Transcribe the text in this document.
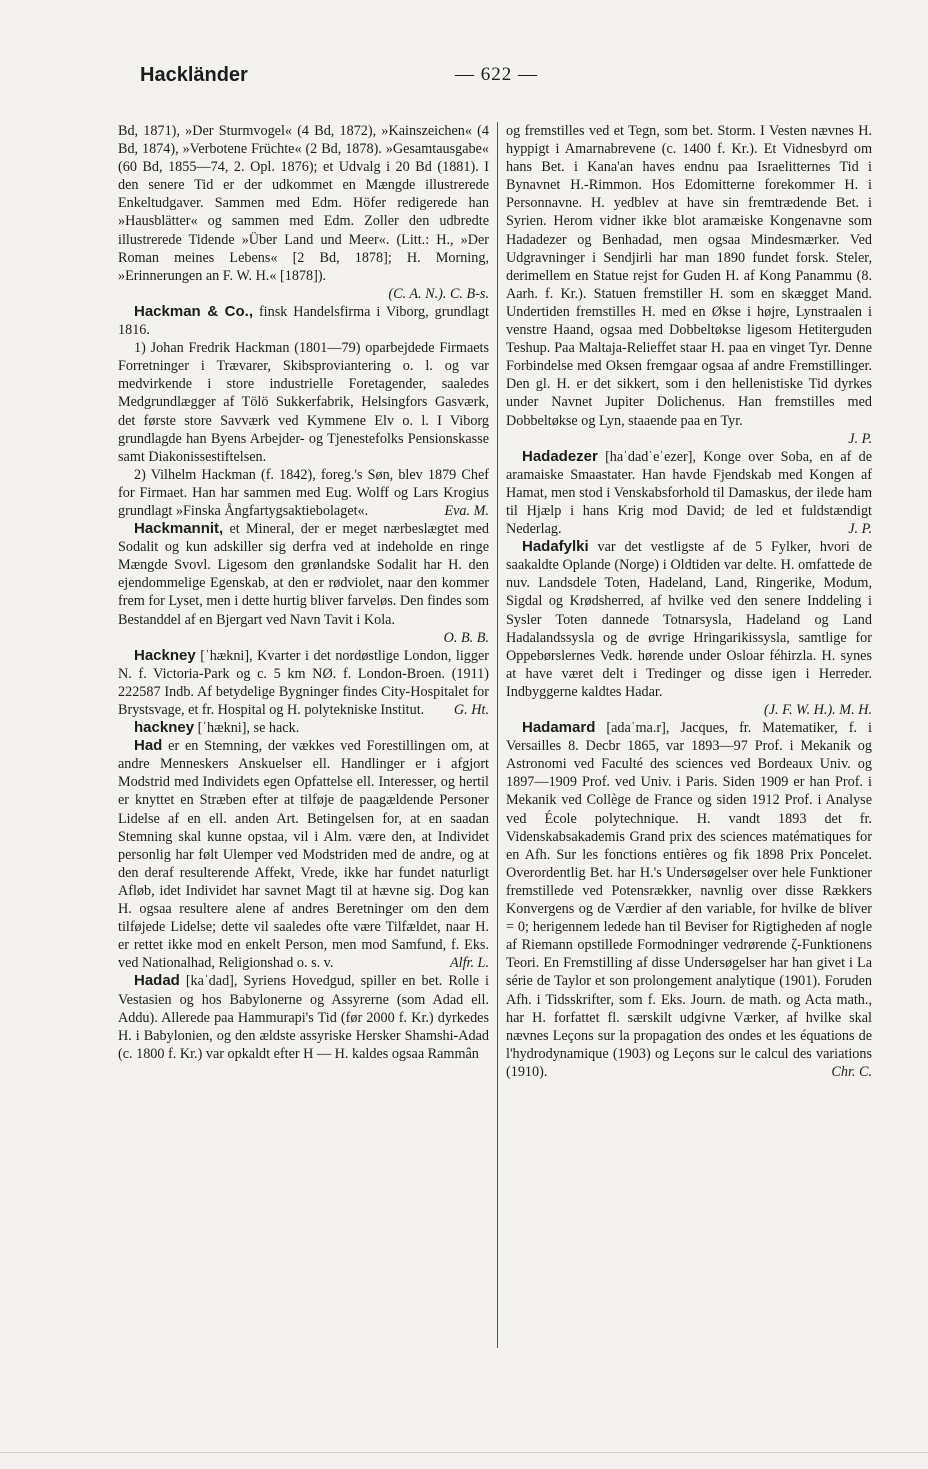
Hackländer	— 622 —

Bd, 1871), »Der Sturmvogel« (4 Bd, 1872), »Kainszeichen« (4 Bd, 1874), »Verbotene Früchte« (2 Bd, 1878). »Gesamtausgabe« (60 Bd, 1855—74, 2. Opl. 1876); et Udvalg i 20 Bd (1881). I den senere Tid er der udkommet en Mængde illustrerede Enkeltudgaver. Sammen med Edm. Höfer redigerede han »Hausblätter« og sammen med Edm. Zoller den udbredte illustrerede Tidende »Über Land und Meer«. (Litt.: H., »Der Roman meines Lebens« [2 Bd, 1878]; H. Morning, »Erinnerungen an F. W. H.« [1878]).

(C. A. N.). C. B-s.

Hackman & Co., finsk Handelsfirma i Viborg, grundlagt 1816.

1) Johan Fredrik Hackman (1801—79) oparbejdede Firmaets Forretninger i Trævarer, Skibsproviantering o. l. og var medvirkende i store industrielle Foretagender, saaledes Medgrundlægger af Tölö Sukkerfabrik, Helsingfors Gasværk, det første store Savværk ved Kymmene Elv o. l. I Viborg grundlagde han Byens Arbejder- og Tjenestefolks Pensionskasse samt Diakonissestiftelsen.

2) Vilhelm Hackman (f. 1842), foreg.'s Søn, blev 1879 Chef for Firmaet. Han har sammen med Eug. Wolff og Lars Krogius grundlagt »Finska Ångfartygsaktiebolaget«.	Eva. M.

Hackmannit, et Mineral, der er meget nærbeslægtet med Sodalit og kun adskiller sig derfra ved at indeholde en ringe Mængde Svovl. Ligesom den grønlandske Sodalit har H. den ejendommelige Egenskab, at den er rødviolet, naar den kommer frem for Lyset, men i dette hurtig bliver farveløs. Den findes som Bestanddel af en Bjergart ved Navn Tavit i Kola.

O. B. B.

Hackney [ˈhækni], Kvarter i det nordøstlige London, ligger N. f. Victoria-Park og c. 5 km NØ. f. London-Broen. (1911) 222587 Indb. Af betydelige Bygninger findes City-Hospitalet for Brystsvage, et fr. Hospital og H. polytekniske Institut.	G. Ht.

hackney [ˈhækni], se hack.

Had er en Stemning, der vækkes ved Forestillingen om, at andre Menneskers Anskuelser ell. Handlinger er i afgjort Modstrid med Individets egen Opfattelse ell. Interesser, og hertil er knyttet en Stræben efter at tilføje de paagældende Personer Lidelse af en ell. anden Art. Betingelsen for, at en saadan Stemning skal kunne opstaa, vil i Alm. være den, at Individet personlig har følt Ulemper ved Modstriden med de andre, og at den deraf resulterende Affekt, Vrede, ikke har fundet naturligt Afløb, idet Individet har savnet Magt til at hævne sig. Dog kan H. ogsaa resultere alene af andres Beretninger om den dem tilføjede Lidelse; dette vil saaledes ofte være Tilfældet, naar H. er rettet ikke mod en enkelt Person, men mod Samfund, f. Eks. ved Nationalhad, Religionshad o. s. v.	Alfr. L.

Hadad [kaˈdad], Syriens Hovedgud, spiller en bet. Rolle i Vestasien og hos Babylonerne og Assyrerne (som Adad ell. Addu). Allerede paa Hammurapi's Tid (før 2000 f. Kr.) dyrkedes H. i Babylonien, og den ældste assyriske Hersker Shamshi-Adad (c. 1800 f. Kr.) var opkaldt efter H — H. kaldes ogsaa Rammân

og fremstilles ved et Tegn, som bet. Storm. I Vesten nævnes H. hyppigt i Amarnabrevene (c. 1400 f. Kr.). Et Vidnesbyrd om hans Bet. i Kana'an haves endnu paa Israelitternes Tid i Bynavnet H.-Rimmon. Hos Edomitterne forekommer H. i Personnavne. H. yedblev at have sin fremtrædende Bet. i Syrien. Herom vidner ikke blot aramæiske Kongenavne som Hadadezer og Benhadad, men ogsaa Mindesmærker. Ved Udgravninger i Sendjirli har man 1890 fundet forsk. Steler, derimellem en Statue rejst for Guden H. af Kong Panammu (8. Aarh. f. Kr.). Statuen fremstiller H. som en skægget Mand. Undertiden fremstilles H. med en Økse i højre, Lynstraalen i venstre Haand, ogsaa med Dobbeltøkse ligesom Hetiterguden Teshup. Paa Maltaja-Relieffet staar H. paa en vinget Tyr. Denne Forbindelse med Oksen fremgaar ogsaa af andre Fremstillinger. Den gl. H. er det sikkert, som i den hellenistiske Tid dyrkes under Navnet Jupiter Dolichenus. Han fremstilles med Dobbeltøkse og Lyn, staaende paa en Tyr.

J. P.

Hadadezer [haˈdadˈeˈezer], Konge over Soba, en af de aramaiske Smaastater. Han havde Fjendskab med Kongen af Hamat, men stod i Venskabsforhold til Damaskus, der ilede ham til Hjælp i hans Krig mod David; de led et fuldstændigt Nederlag.	J. P.

Hadafylki var det vestligste af de 5 Fylker, hvori de saakaldte Oplande (Norge) i Oldtiden var delte. H. omfattede de nuv. Landsdele Toten, Hadeland, Land, Ringerike, Modum, Sigdal og Krødsherred, af hvilke ved den senere Inddeling i Sysler Toten dannede Totnarsysla, Hadeland og Land Hadalandssysla og de øvrige Hringarikissysla, samtlige for Oppebørslernes Vedk. hørende under Osloar féhirzla. H. synes at have været delt i Tredinger og disse igen i Herreder. Indbyggerne kaldtes Hadar.

(J. F. W. H.). M. H.

Hadamard [adaˈma.r], Jacques, fr. Matematiker, f. i Versailles 8. Decbr 1865, var 1893—97 Prof. i Mekanik og Astronomi ved Faculté des sciences ved Bordeaux Univ. og 1897—1909 Prof. ved Univ. i Paris. Siden 1909 er han Prof. i Mekanik ved Collège de France og siden 1912 Prof. i Analyse ved École polytechnique. H. vandt 1893 det fr. Videnskabsakademis Grand prix des sciences matématiques for en Afh. Sur les fonctions entières og fik 1898 Prix Poncelet. Overordentlig Bet. har H.'s Undersøgelser over hele Funktioner fremstillede ved Potensrækker, navnlig over disse Rækkers Konvergens og de Værdier af den variable, for hvilke de bliver = 0; herigennem ledede han til Beviser for Rigtigheden af nogle af Riemann opstillede Formodninger vedrørende ζ-Funktionens Teori. En Fremstilling af disse Undersøgelser har han givet i La série de Taylor et son prolongement analytique (1901). Foruden Afh. i Tidsskrifter, som f. Eks. Journ. de math. og Acta math., har H. forfattet fl. særskilt udgivne Værker, af hvilke skal nævnes Leçons sur la propagation des ondes et les équations de l'hydrodynamique (1903) og Leçons sur le calcul des variations (1910).	Chr. C.
